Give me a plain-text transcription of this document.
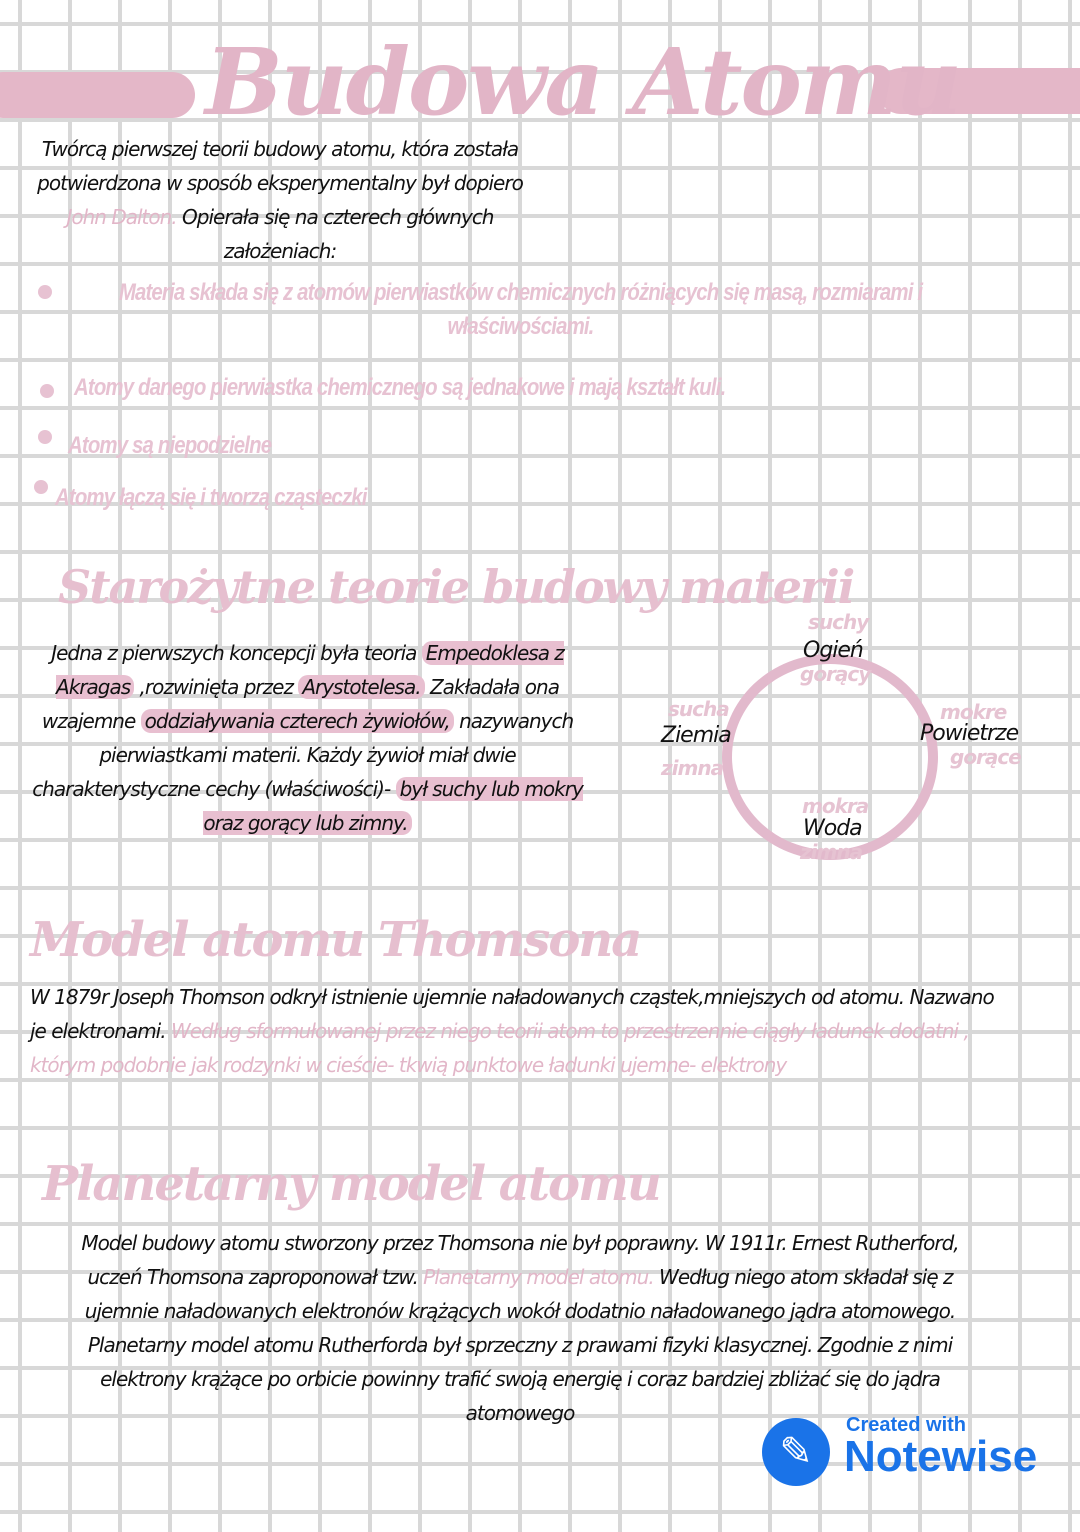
Budowa Atomu
Twórcą pierwszej teorii budowy atomu, która została potwierdzona w sposób eksperymentalny był dopiero John Dalton. Opierała się na czterech głównych założeniach:
Materia składa się z atomów pierwiastków chemicznych różniących się masą, rozmiarami i właściwościami.
Atomy danego pierwiastka chemicznego są jednakowe i mają kształt kuli.
Atomy są niepodzielne
Atomy łączą się i tworzą cząsteczki
Starożytne teorie budowy materii
Jedna z pierwszych koncepcji była teoria Empedoklesa z Akragas ,rozwinięta przez Arystotelesa. Zakładała ona wzajemne oddziaływania czterech żywiołów, nazywanych pierwiastkami materii. Każdy żywioł miał dwie charakterystyczne cechy (właściwości)- był suchy lub mokry oraz gorący lub zimny.
suchy
Ogień
gorący
sucha
Ziemia
zimna
mokre
Powietrze
gorące
mokra
Woda
zimna
Model atomu Thomsona
W 1879r Joseph Thomson odkrył istnienie ujemnie naładowanych cząstek,mniejszych od atomu. Nazwano je elektronami. Według sformułowanej przez niego teorii atom to przestrzennie ciągły ładunek dodatni , którym podobnie jak rodzynki w cieście- tkwią punktowe ładunki ujemne- elektrony
Planetarny model atomu
Model budowy atomu stworzony przez Thomsona nie był poprawny. W 1911r. Ernest Rutherford, uczeń Thomsona zaproponował tzw. Planetarny model atomu. Według niego atom składał się z ujemnie naładowanych elektronów krążących wokół dodatnio naładowanego jądra atomowego. Planetarny model atomu Rutherforda był sprzeczny z prawami fizyki klasycznej. Zgodnie z nimi elektrony krążące po orbicie powinny trafić swoją energię i coraz bardziej zbliżać się do jądra atomowego
✎
Created with
Notewise
